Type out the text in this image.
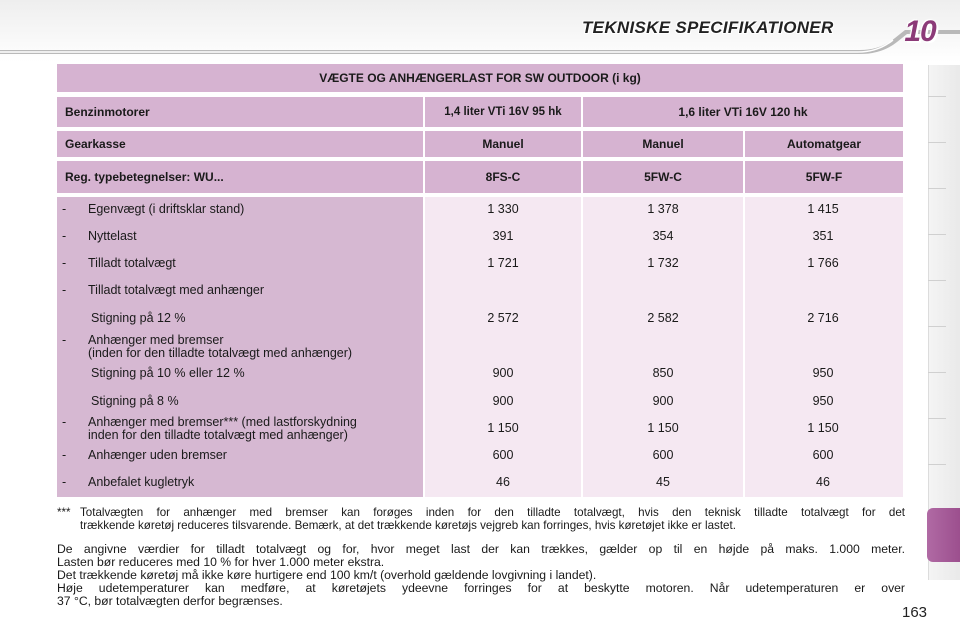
TEKNISKE SPECIFIKATIONER	10
VÆGTE OG ANHÆNGERLAST FOR SW OUTDOOR (i kg)
Benzinmotorer	1,4 liter VTi 16V 95 hk	1,6 liter VTi 16V 120 hk
Gearkasse	Manuel	Manuel	Automatgear
Reg. typebetegnelser: WU...	8FS-C	5FW-C	5FW-F
- Egenvægt (i driftsklar stand)	1 330	1 378	1 415
- Nyttelast	391	354	351
- Tilladt totalvægt	1 721	1 732	1 766
- Tilladt totalvægt med anhænger
Stigning på 12 %	2 572	2 582	2 716
- Anhænger med bremser
(inden for den tilladte totalvægt med anhænger)
Stigning på 10 % eller 12 %	900	850	950
Stigning på 8 %	900	900	950
- Anhænger med bremser*** (med lastforskydning
inden for den tilladte totalvægt med anhænger)	1 150	1 150	1 150
- Anhænger uden bremser	600	600	600
- Anbefalet kugletryk	46	45	46
*** Totalvægten for anhænger med bremser kan forøges inden for den tilladte totalvægt, hvis den teknisk tilladte totalvægt for det
trækkende køretøj reduceres tilsvarende. Bemærk, at det trækkende køretøjs vejgreb kan forringes, hvis køretøjet ikke er lastet.
De angivne værdier for tilladt totalvægt og for, hvor meget last der kan trækkes, gælder op til en højde på maks. 1.000 meter.
Lasten bør reduceres med 10 % for hver 1.000 meter ekstra.
Det trækkende køretøj må ikke køre hurtigere end 100 km/t (overhold gældende lovgivning i landet).
Høje udetemperaturer kan medføre, at køretøjets ydeevne forringes for at beskytte motoren. Når udetemperaturen er over
37 °C, bør totalvægten derfor begrænses.
163
